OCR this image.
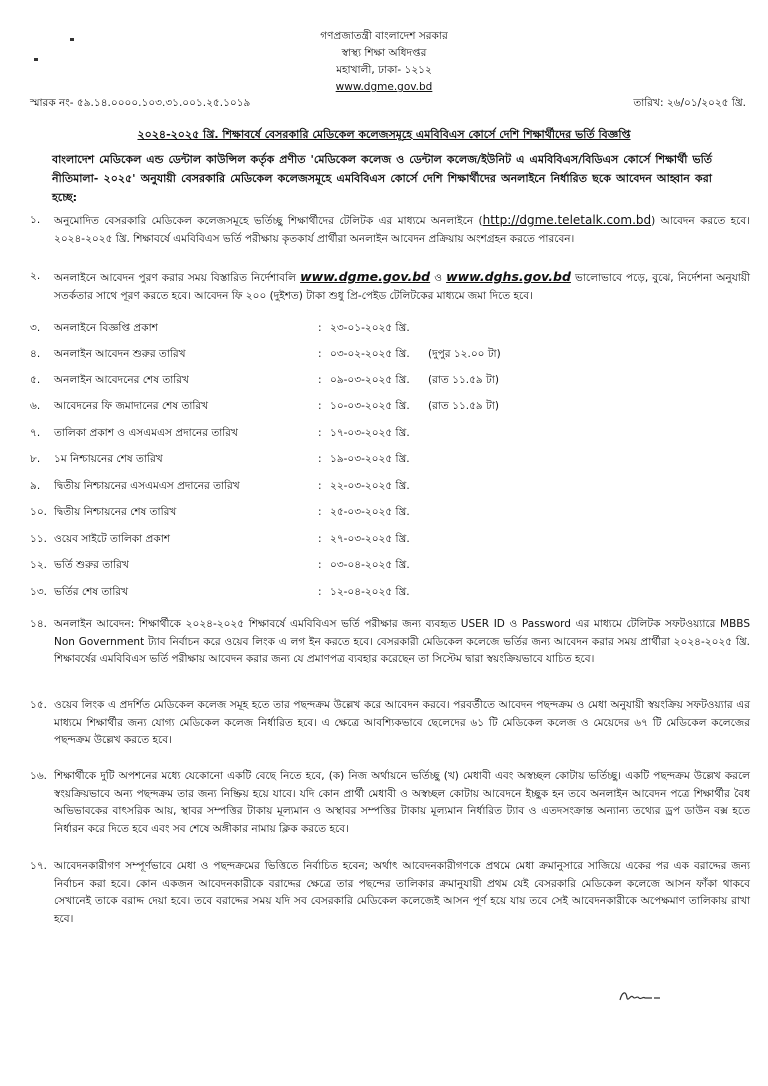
গণপ্রজাতন্ত্রী বাংলাদেশ সরকার
স্বাস্থ্য শিক্ষা অধিদপ্তর
মহাখালী, ঢাকা- ১২১২
www.dgme.gov.bd
স্মারক নং- ৫৯.১৪.০০০০.১০৩.৩১.০০১.২৫.১০১৯	তারিখ: ২৬/০১/২০২৫ খ্রি.
২০২৪-২০২৫ খ্রি. শিক্ষাবর্ষে বেসরকারি মেডিকেল কলেজসমূহে এমবিবিএস কোর্সে দেশি শিক্ষার্থীদের ভর্তি বিজ্ঞপ্তি
বাংলাদেশ মেডিকেল এন্ড ডেন্টাল কাউন্সিল কর্তৃক প্রণীত 'মেডিকেল কলেজ ও ডেন্টাল কলেজ/ইউনিট এ এমবিবিএস/বিডিএস কোর্সে শিক্ষার্থী ভর্তি নীতিমালা- ২০২৫' অনুযায়ী বেসরকারি মেডিকেল কলেজসমূহে এমবিবিএস কোর্সে দেশি শিক্ষার্থীদের অনলাইনে নির্ধারিত ছকে আবেদন আহ্বান করা হচ্ছে:
১.	অনুমোদিত বেসরকারি মেডিকেল কলেজসমূহে ভর্তিচ্ছু শিক্ষার্থীদের টেলিটক এর মাধ্যমে অনলাইনে (http://dgme.teletalk.com.bd) আবেদন করতে হবে। ২০২৪-২০২৫ খ্রি. শিক্ষাবর্ষে এমবিবিএস ভর্তি পরীক্ষায় কৃতকার্য প্রার্থীরা অনলাইন আবেদন প্রক্রিয়ায় অংশগ্রহন করতে পারবেন।
২.	অনলাইনে আবেদন পুরণ করার সময় বিস্তারিত নির্দেশাবলি www.dgme.gov.bd ও www.dghs.gov.bd ভালোভাবে পড়ে, বুঝে, নির্দেশনা অনুযায়ী সতর্কতার সাথে পূরণ করতে হবে। আবেদন ফি ২০০ (দুইশত) টাকা শুধু প্রি-পেইড টেলিটকের মাধ্যমে জমা দিতে হবে।
৩.	অনলাইনে বিজ্ঞপ্তি প্রকাশ	: ২৩-০১-২০২৫ খ্রি.
৪.	অনলাইন আবেদন শুরুর তারিখ	: ০৩-০২-২০২৫ খ্রি. (দুপুর ১২.০০ টা)
৫.	অনলাইন আবেদনের শেষ তারিখ	: ০৯-০৩-২০২৫ খ্রি. (রাত ১১.৫৯ টা)
৬.	আবেদনের ফি জমাদানের শেষ তারিখ	: ১০-০৩-২০২৫ খ্রি. (রাত ১১.৫৯ টা)
৭.	তালিকা প্রকাশ ও এসএমএস প্রদানের তারিখ	: ১৭-০৩-২০২৫ খ্রি.
৮.	১ম নিশ্চায়নের শেষ তারিখ	: ১৯-০৩-২০২৫ খ্রি.
৯.	দ্বিতীয় নিশ্চায়নের এসএমএস প্রদানের তারিখ	: ২২-০৩-২০২৫ খ্রি.
১০. দ্বিতীয় নিশ্চায়নের শেষ তারিখ	: ২৫-০৩-২০২৫ খ্রি.
১১. ওয়েব সাইটে তালিকা প্রকাশ	: ২৭-০৩-২০২৫ খ্রি.
১২. ভর্তি শুরুর তারিখ	: ০৩-০৪-২০২৫ খ্রি.
১৩. ভর্তির শেষ তারিখ	: ১২-০৪-২০২৫ খ্রি.
১৪. অনলাইন আবেদন: শিক্ষার্থীকে ২০২৪-২০২৫ শিক্ষাবর্ষে এমবিবিএস ভর্তি পরীক্ষার জন্য ব্যবহৃত USER ID ও Password এর মাধ্যমে টেলিটক সফটওয়্যারে MBBS Non Government ট্যাব নির্বাচন করে ওয়েব লিংক এ লগ ইন করতে হবে। বেসরকারী মেডিকেল কলেজে ভর্তির জন্য আবেদন করার সময় প্রার্থীরা ২০২৪-২০২৫ খ্রি. শিক্ষাবর্ষের এমবিবিএস ভর্তি পরীক্ষায় আবেদন করার জন্য যে প্রমাণপত্র ব্যবহার করেছেন তা সিস্টেম দ্বারা স্বয়ংক্রিয়ভাবে যাচিত হবে।
১৫. ওয়েব লিংক এ প্রদর্শিত মেডিকেল কলেজ সমূহ হতে তার পছন্দক্রম উল্লেখ করে আবেদন করবে। পরবর্তীতে আবেদন পছন্দক্রম ও মেধা অনুযায়ী স্বয়ংক্রিয় সফটওয়্যার এর মাধ্যমে শিক্ষার্থীর জন্য যোগ্য মেডিকেল কলেজ নির্ধারিত হবে। এ ক্ষেত্রে আবশ্যিকভাবে ছেলেদের ৬১ টি মেডিকেল কলেজ ও মেয়েদের ৬৭ টি মেডিকেল কলেজের পছন্দক্রম উল্লেখ করতে হবে।
১৬. শিক্ষার্থীকে দুটি অপশনের মধ্যে যেকোনো একটি বেছে নিতে হবে, (ক) নিজ অর্থায়নে ভর্তিচ্ছু (খ) মেধাবী এবং অস্বচ্ছল কোটায় ভর্তিচ্ছু। একটি পছন্দক্রম উল্লেখ করলে স্বংয়ক্রিয়ভাবে অন্য পছন্দক্রম তার জন্য নিষ্ক্রিয় হয়ে যাবে। যদি কোন প্রার্থী মেধাবী ও অস্বচ্ছল কোটায় আবেদনে ইচ্ছুক হন তবে অনলাইন আবেদন পত্রে শিক্ষার্থীর বৈধ অভিভাবকের বাৎসরিক আয়, স্থাবর সম্পত্তির টাকায় মূল্যমান ও অস্থাবর সম্পত্তির টাকায় মূল্যমান নির্ধারিত ট্যাব ও এতদসংক্রান্ত অন্যান্য তথ্যের ড্রপ ডাউন বক্স হতে নির্ধারন করে দিতে হবে এবং সব শেষে অঙ্গীকার নামায় ক্লিক করতে হবে।
১৭. আবেদনকারীগণ সম্পূর্ণভাবে মেধা ও পছন্দক্রমের ভিত্তিতে নির্বাচিত হবেন; অর্থাৎ আবেদনকারীগণকে প্রথমে মেধা ক্রমানুসারে সাজিয়ে একের পর এক বরাদ্দের জন্য নির্বাচন করা হবে। কোন একজন আবেদনকারীকে বরাদ্দের ক্ষেত্রে তার পছন্দের তালিকার ক্রমানুযায়ী প্রথম যেই বেসরকারি মেডিকেল কলেজে আসন ফাঁকা থাকবে সেখানেই তাকে বরাদ্দ দেয়া হবে। তবে বরাদ্দের সময় যদি সব বেসরকারি মেডিকেল কলেজেই আসন পূর্ণ হয়ে যায় তবে সেই আবেদনকারীকে অপেক্ষমাণ তালিকায় রাখা হবে।
